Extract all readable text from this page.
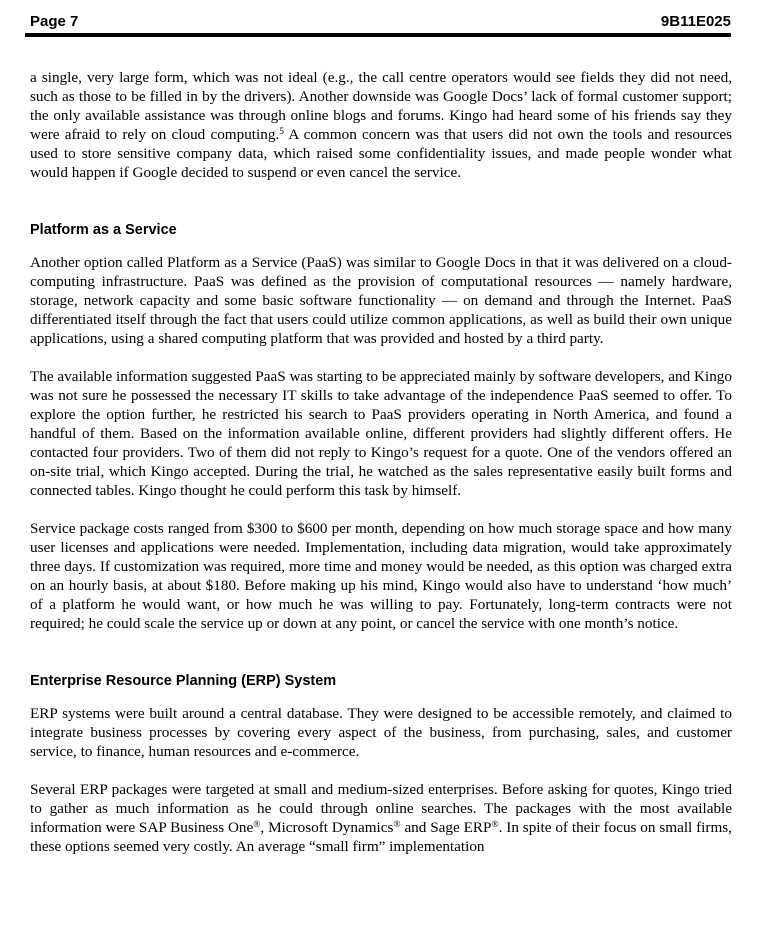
Page 7	9B11E025

a single, very large form, which was not ideal (e.g., the call centre operators would see fields they did not need, such as those to be filled in by the drivers). Another downside was Google Docs’ lack of formal customer support; the only available assistance was through online blogs and forums. Kingo had heard some of his friends say they were afraid to rely on cloud computing.$^5$ A common concern was that users did not own the tools and resources used to store sensitive company data, which raised some confidentiality issues, and made people wonder what would happen if Google decided to suspend or even cancel the service.

Platform as a Service

Another option called Platform as a Service (PaaS) was similar to Google Docs in that it was delivered on a cloud-computing infrastructure. PaaS was defined as the provision of computational resources — namely hardware, storage, network capacity and some basic software functionality — on demand and through the Internet. PaaS differentiated itself through the fact that users could utilize common applications, as well as build their own unique applications, using a shared computing platform that was provided and hosted by a third party.

The available information suggested PaaS was starting to be appreciated mainly by software developers, and Kingo was not sure he possessed the necessary IT skills to take advantage of the independence PaaS seemed to offer. To explore the option further, he restricted his search to PaaS providers operating in North America, and found a handful of them. Based on the information available online, different providers had slightly different offers. He contacted four providers. Two of them did not reply to Kingo’s request for a quote. One of the vendors offered an on-site trial, which Kingo accepted. During the trial, he watched as the sales representative easily built forms and connected tables. Kingo thought he could perform this task by himself.

Service package costs ranged from $300 to $600 per month, depending on how much storage space and how many user licenses and applications were needed. Implementation, including data migration, would take approximately three days. If customization was required, more time and money would be needed, as this option was charged extra on an hourly basis, at about $180. Before making up his mind, Kingo would also have to understand ‘how much’ of a platform he would want, or how much he was willing to pay. Fortunately, long-term contracts were not required; he could scale the service up or down at any point, or cancel the service with one month’s notice.

Enterprise Resource Planning (ERP) System

ERP systems were built around a central database. They were designed to be accessible remotely, and claimed to integrate business processes by covering every aspect of the business, from purchasing, sales, and customer service, to finance, human resources and e-commerce.

Several ERP packages were targeted at small and medium-sized enterprises. Before asking for quotes, Kingo tried to gather as much information as he could through online searches. The packages with the most available information were SAP Business One®, Microsoft Dynamics® and Sage ERP®. In spite of their focus on small firms, these options seemed very costly. An average “small firm” implementation
